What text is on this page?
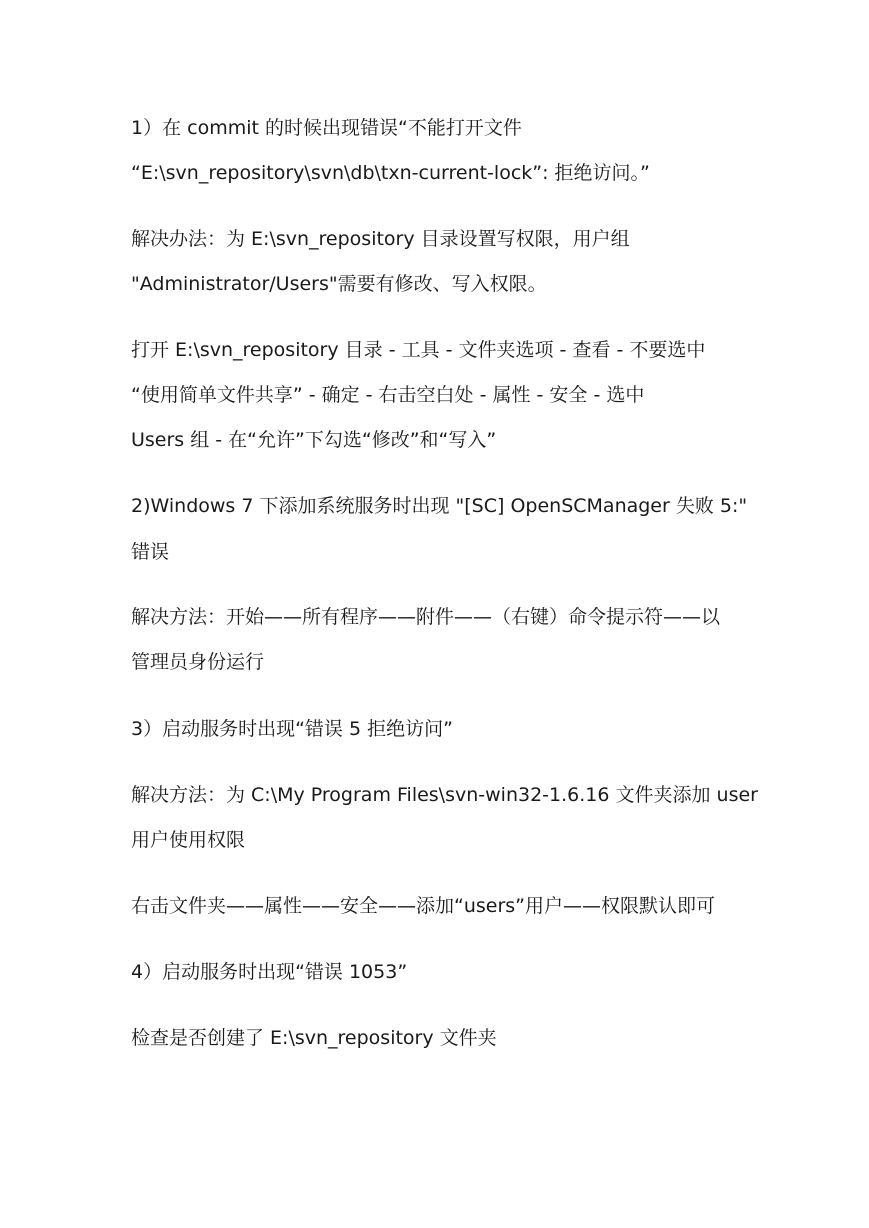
1）在 commit 的时候出现错误“不能打开文件

“E:\svn_repository\svn\db\txn-current-lock”: 拒绝访问。”

解决办法：为 E:\svn_repository 目录设置写权限，用户组

"Administrator/Users"需要有修改、写入权限。

打开 E:\svn_repository 目录 - 工具 - 文件夹选项 - 查看 - 不要选中

“使用简单文件共享” - 确定 - 右击空白处 - 属性 - 安全 - 选中

Users 组 - 在“允许”下勾选“修改”和“写入”

2)Windows 7 下添加系统服务时出现 "[SC] OpenSCManager 失败 5:"

错误

解决方法：开始——所有程序——附件——（右键）命令提示符——以

管理员身份运行

3）启动服务时出现“错误 5 拒绝访问”

解决方法：为 C:\My Program Files\svn-win32-1.6.16 文件夹添加 user

用户使用权限

右击文件夹——属性——安全——添加“users”用户——权限默认即可

4）启动服务时出现“错误 1053”

检查是否创建了 E:\svn_repository 文件夹
